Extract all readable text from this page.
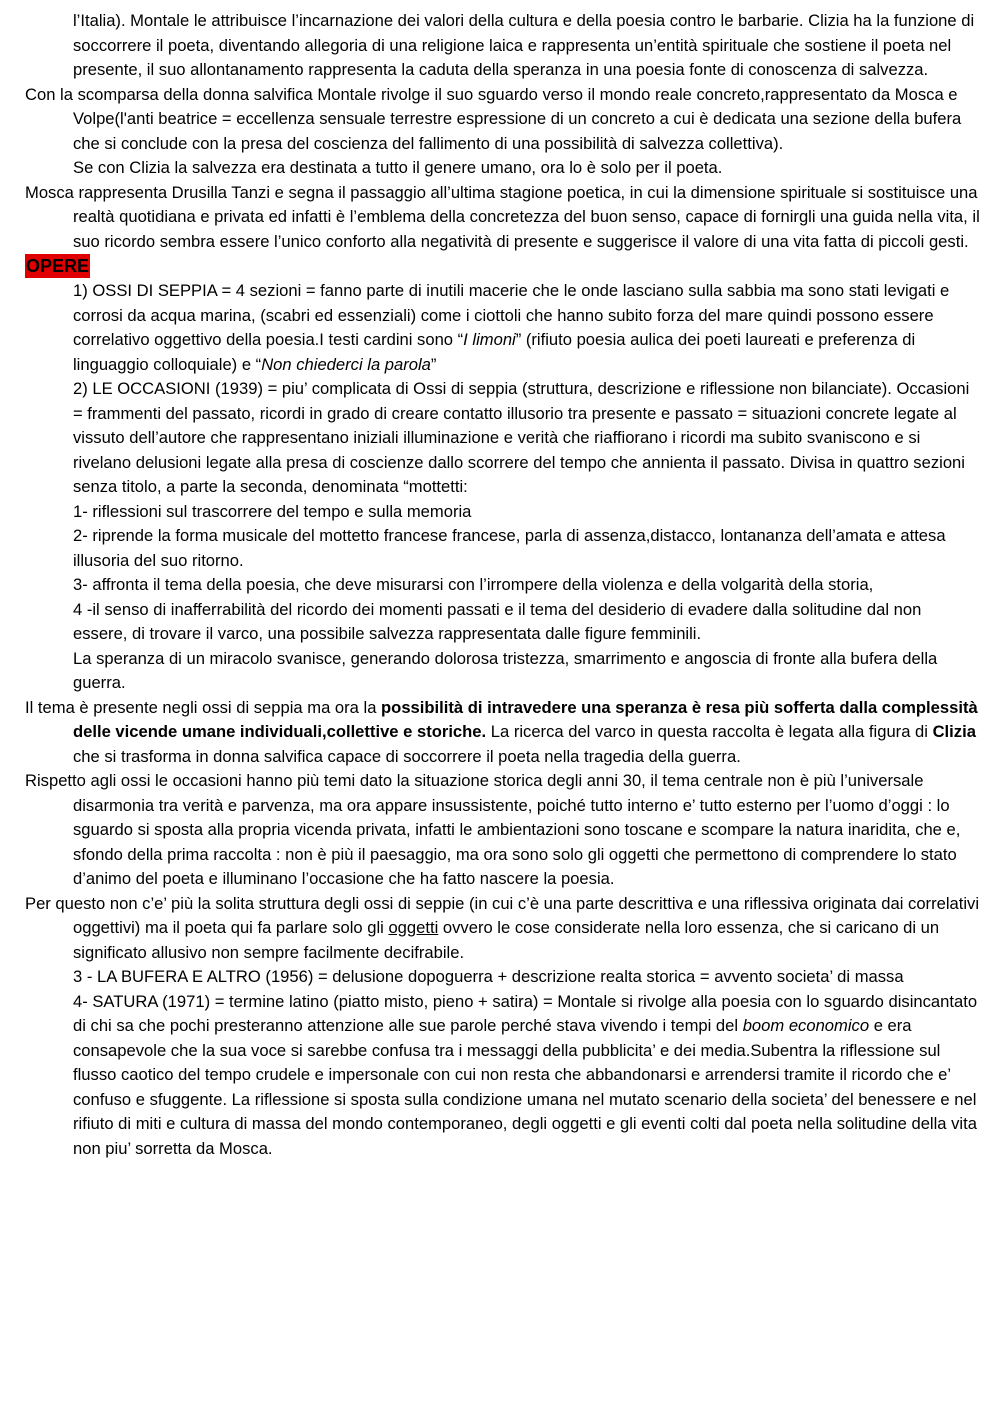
l’Italia). Montale le attribuisce l’incarnazione dei valori della cultura e della poesia contro le barbarie. Clizia ha la funzione di soccorrere il poeta, diventando allegoria di una religione laica e rappresenta un’entità spirituale che sostiene il poeta nel presente, il suo allontanamento rappresenta la caduta della speranza in una poesia fonte di conoscenza di salvezza.

Con la scomparsa della donna salvifica Montale rivolge il suo sguardo verso il mondo reale concreto,rappresentato da Mosca e Volpe(l'anti beatrice = eccellenza sensuale terrestre espressione di un concreto a cui è dedicata una sezione della bufera che si conclude con la presa del coscienza del fallimento di una possibilità di salvezza collettiva).

Se con Clizia la salvezza era destinata a tutto il genere umano, ora lo è solo per il poeta.

Mosca rappresenta Drusilla Tanzi e segna il passaggio all’ultima stagione poetica, in cui la dimensione spirituale si sostituisce una realtà quotidiana e privata ed infatti è l’emblema della concretezza del buon senso, capace di fornirgli una guida nella vita, il suo ricordo sembra essere l’unico conforto alla negatività di presente e suggerisce il valore di una vita fatta di piccoli gesti.

OPERE

1) OSSI DI SEPPIA = 4 sezioni = fanno parte di inutili macerie che le onde lasciano sulla sabbia ma sono stati levigati e corrosi da acqua marina, (scabri ed essenziali) come i ciottoli che hanno subito forza del mare quindi possono essere correlativo oggettivo della poesia.I testi cardini sono “I limoni” (rifiuto poesia aulica dei poeti laureati e preferenza di linguaggio colloquiale) e “Non chiederci la parola”

2) LE OCCASIONI (1939) = piu’ complicata di Ossi di seppia (struttura, descrizione e riflessione non bilanciate). Occasioni = frammenti del passato, ricordi in grado di creare contatto illusorio tra presente e passato = situazioni concrete legate al vissuto dell’autore che rappresentano iniziali illuminazione e verità che riaffiorano i ricordi ma subito svaniscono e si rivelano delusioni legate alla presa di coscienze dallo scorrere del tempo che annienta il passato. Divisa in quattro sezioni senza titolo, a parte la seconda, denominata “mottetti:

1- riflessioni sul trascorrere del tempo e sulla memoria

2- riprende la forma musicale del mottetto francese francese, parla di assenza,distacco, lontananza dell’amata e attesa illusoria del suo ritorno.

3- affronta il tema della poesia, che deve misurarsi con l’irrompere della violenza e della volgarità della storia,

4 -il senso di inafferrabilità del ricordo dei momenti passati e il tema del desiderio di evadere dalla solitudine dal non essere, di trovare il varco, una possibile salvezza rappresentata dalle figure femminili.

La speranza di un miracolo svanisce, generando dolorosa tristezza, smarrimento e angoscia di fronte alla bufera della guerra.

Il tema è presente negli ossi di seppia ma ora la possibilità di intravedere una speranza è resa più sofferta dalla complessità delle vicende umane individuali,collettive e storiche. La ricerca del varco in questa raccolta è legata alla figura di Clizia che si trasforma in donna salvifica capace di soccorrere il poeta nella tragedia della guerra.

Rispetto agli ossi le occasioni hanno più temi dato la situazione storica degli anni 30, il tema centrale non è più l’universale disarmonia tra verità e parvenza, ma ora appare insussistente, poiché tutto interno e’ tutto esterno per l’uomo d’oggi : lo sguardo si sposta alla propria vicenda privata, infatti le ambientazioni sono toscane e scompare la natura inaridita, che e, sfondo della prima raccolta : non è più il paesaggio, ma ora sono solo gli oggetti che permettono di comprendere lo stato d’animo del poeta e illuminano l’occasione che ha fatto nascere la poesia.

Per questo non c’e’ più la solita struttura degli ossi di seppie (in cui c’è una parte descrittiva e una riflessiva originata dai correlativi oggettivi) ma il poeta qui fa parlare solo gli oggetti ovvero le cose considerate nella loro essenza, che si caricano di un significato allusivo non sempre facilmente decifrabile.

3 - LA BUFERA E ALTRO (1956) = delusione dopoguerra + descrizione realta storica = avvento societa’ di massa

4- SATURA (1971) = termine latino (piatto misto, pieno + satira) = Montale si rivolge alla poesia con lo sguardo disincantato di chi sa che pochi presteranno attenzione alle sue parole perché stava vivendo i tempi del boom economico e era consapevole che la sua voce si sarebbe confusa tra i messaggi della pubblicita’ e dei media.Subentra la riflessione sul flusso caotico del tempo crudele e impersonale con cui non resta che abbandonarsi e arrendersi tramite il ricordo che e’ confuso e sfuggente. La riflessione si sposta sulla condizione umana nel mutato scenario della societa’ del benessere e nel rifiuto di miti e cultura di massa del mondo contemporaneo, degli oggetti e gli eventi colti dal poeta nella solitudine della vita non piu’ sorretta da Mosca.
